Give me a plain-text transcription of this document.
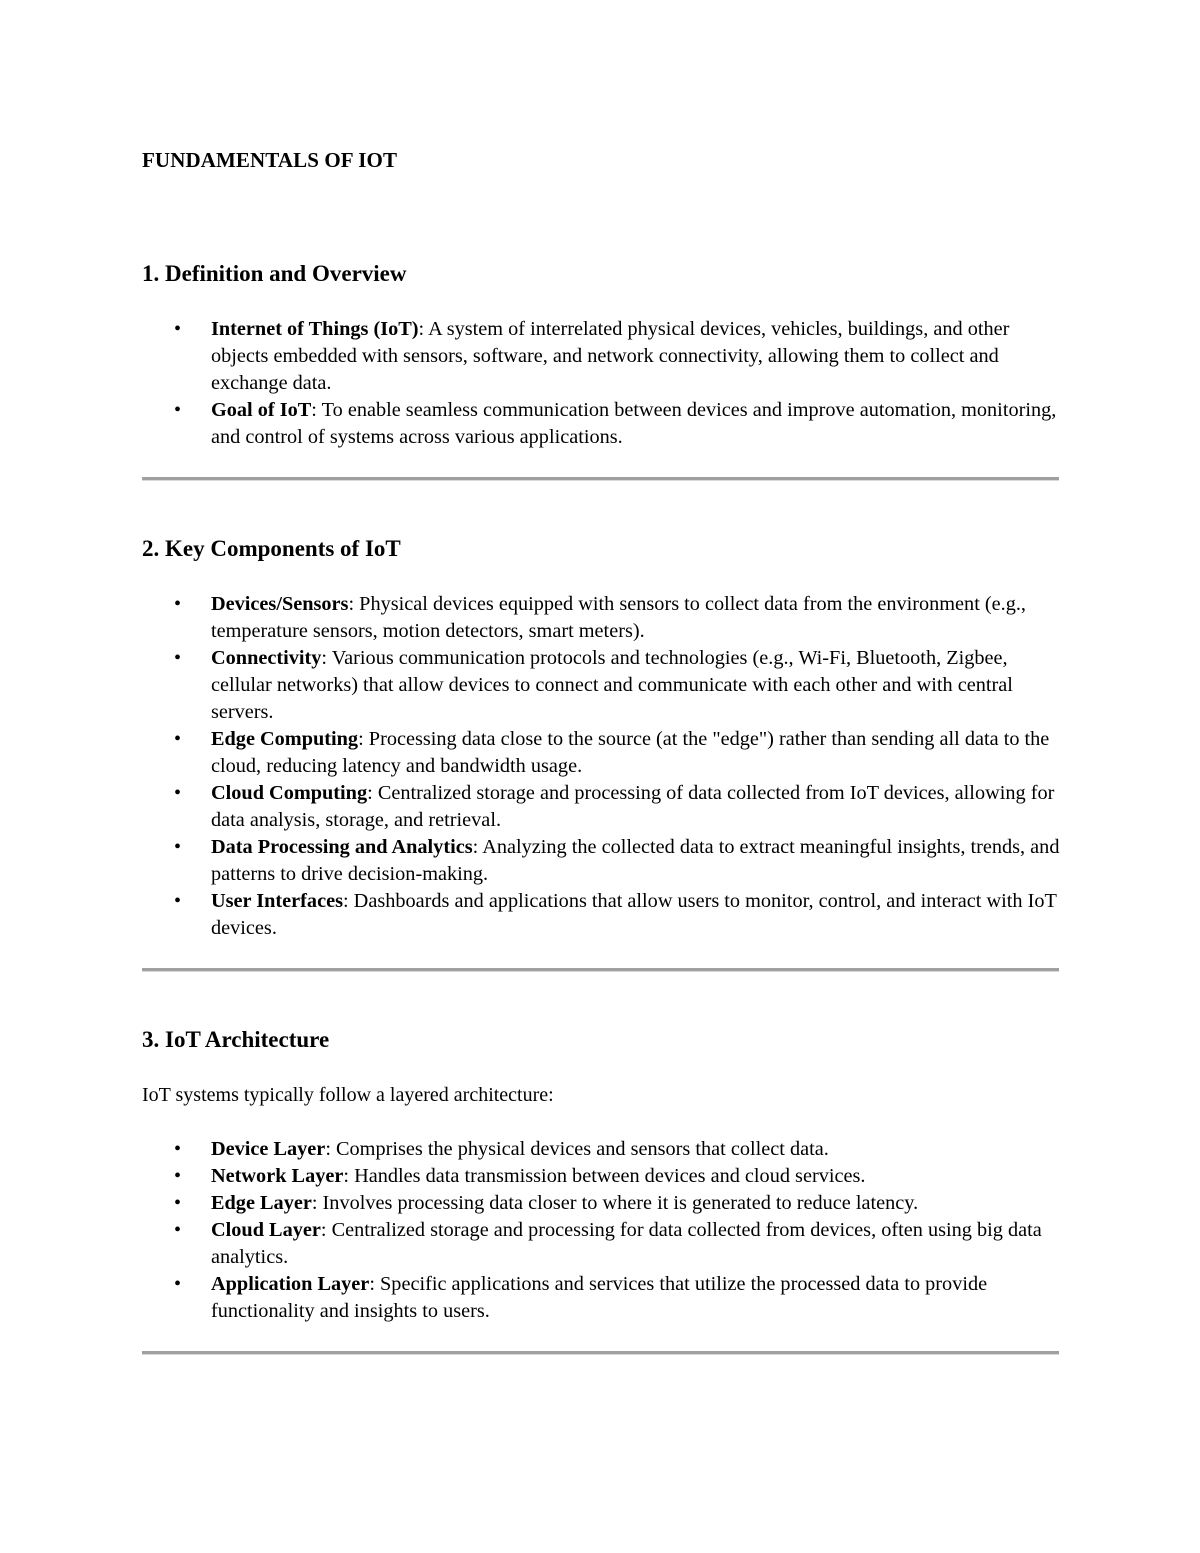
FUNDAMENTALS OF IOT
1. Definition and Overview
• Internet of Things (IoT): A system of interrelated physical devices, vehicles, buildings, and other objects embedded with sensors, software, and network connectivity, allowing them to collect and exchange data.
• Goal of IoT: To enable seamless communication between devices and improve automation, monitoring, and control of systems across various applications.
2. Key Components of IoT
• Devices/Sensors: Physical devices equipped with sensors to collect data from the environment (e.g., temperature sensors, motion detectors, smart meters).
• Connectivity: Various communication protocols and technologies (e.g., Wi-Fi, Bluetooth, Zigbee, cellular networks) that allow devices to connect and communicate with each other and with central servers.
• Edge Computing: Processing data close to the source (at the "edge") rather than sending all data to the cloud, reducing latency and bandwidth usage.
• Cloud Computing: Centralized storage and processing of data collected from IoT devices, allowing for data analysis, storage, and retrieval.
• Data Processing and Analytics: Analyzing the collected data to extract meaningful insights, trends, and patterns to drive decision-making.
• User Interfaces: Dashboards and applications that allow users to monitor, control, and interact with IoT devices.
3. IoT Architecture

IoT systems typically follow a layered architecture:

• Device Layer: Comprises the physical devices and sensors that collect data.
• Network Layer: Handles data transmission between devices and cloud services.
• Edge Layer: Involves processing data closer to where it is generated to reduce latency.
• Cloud Layer: Centralized storage and processing for data collected from devices, often using big data analytics.
• Application Layer: Specific applications and services that utilize the processed data to provide functionality and insights to users.
